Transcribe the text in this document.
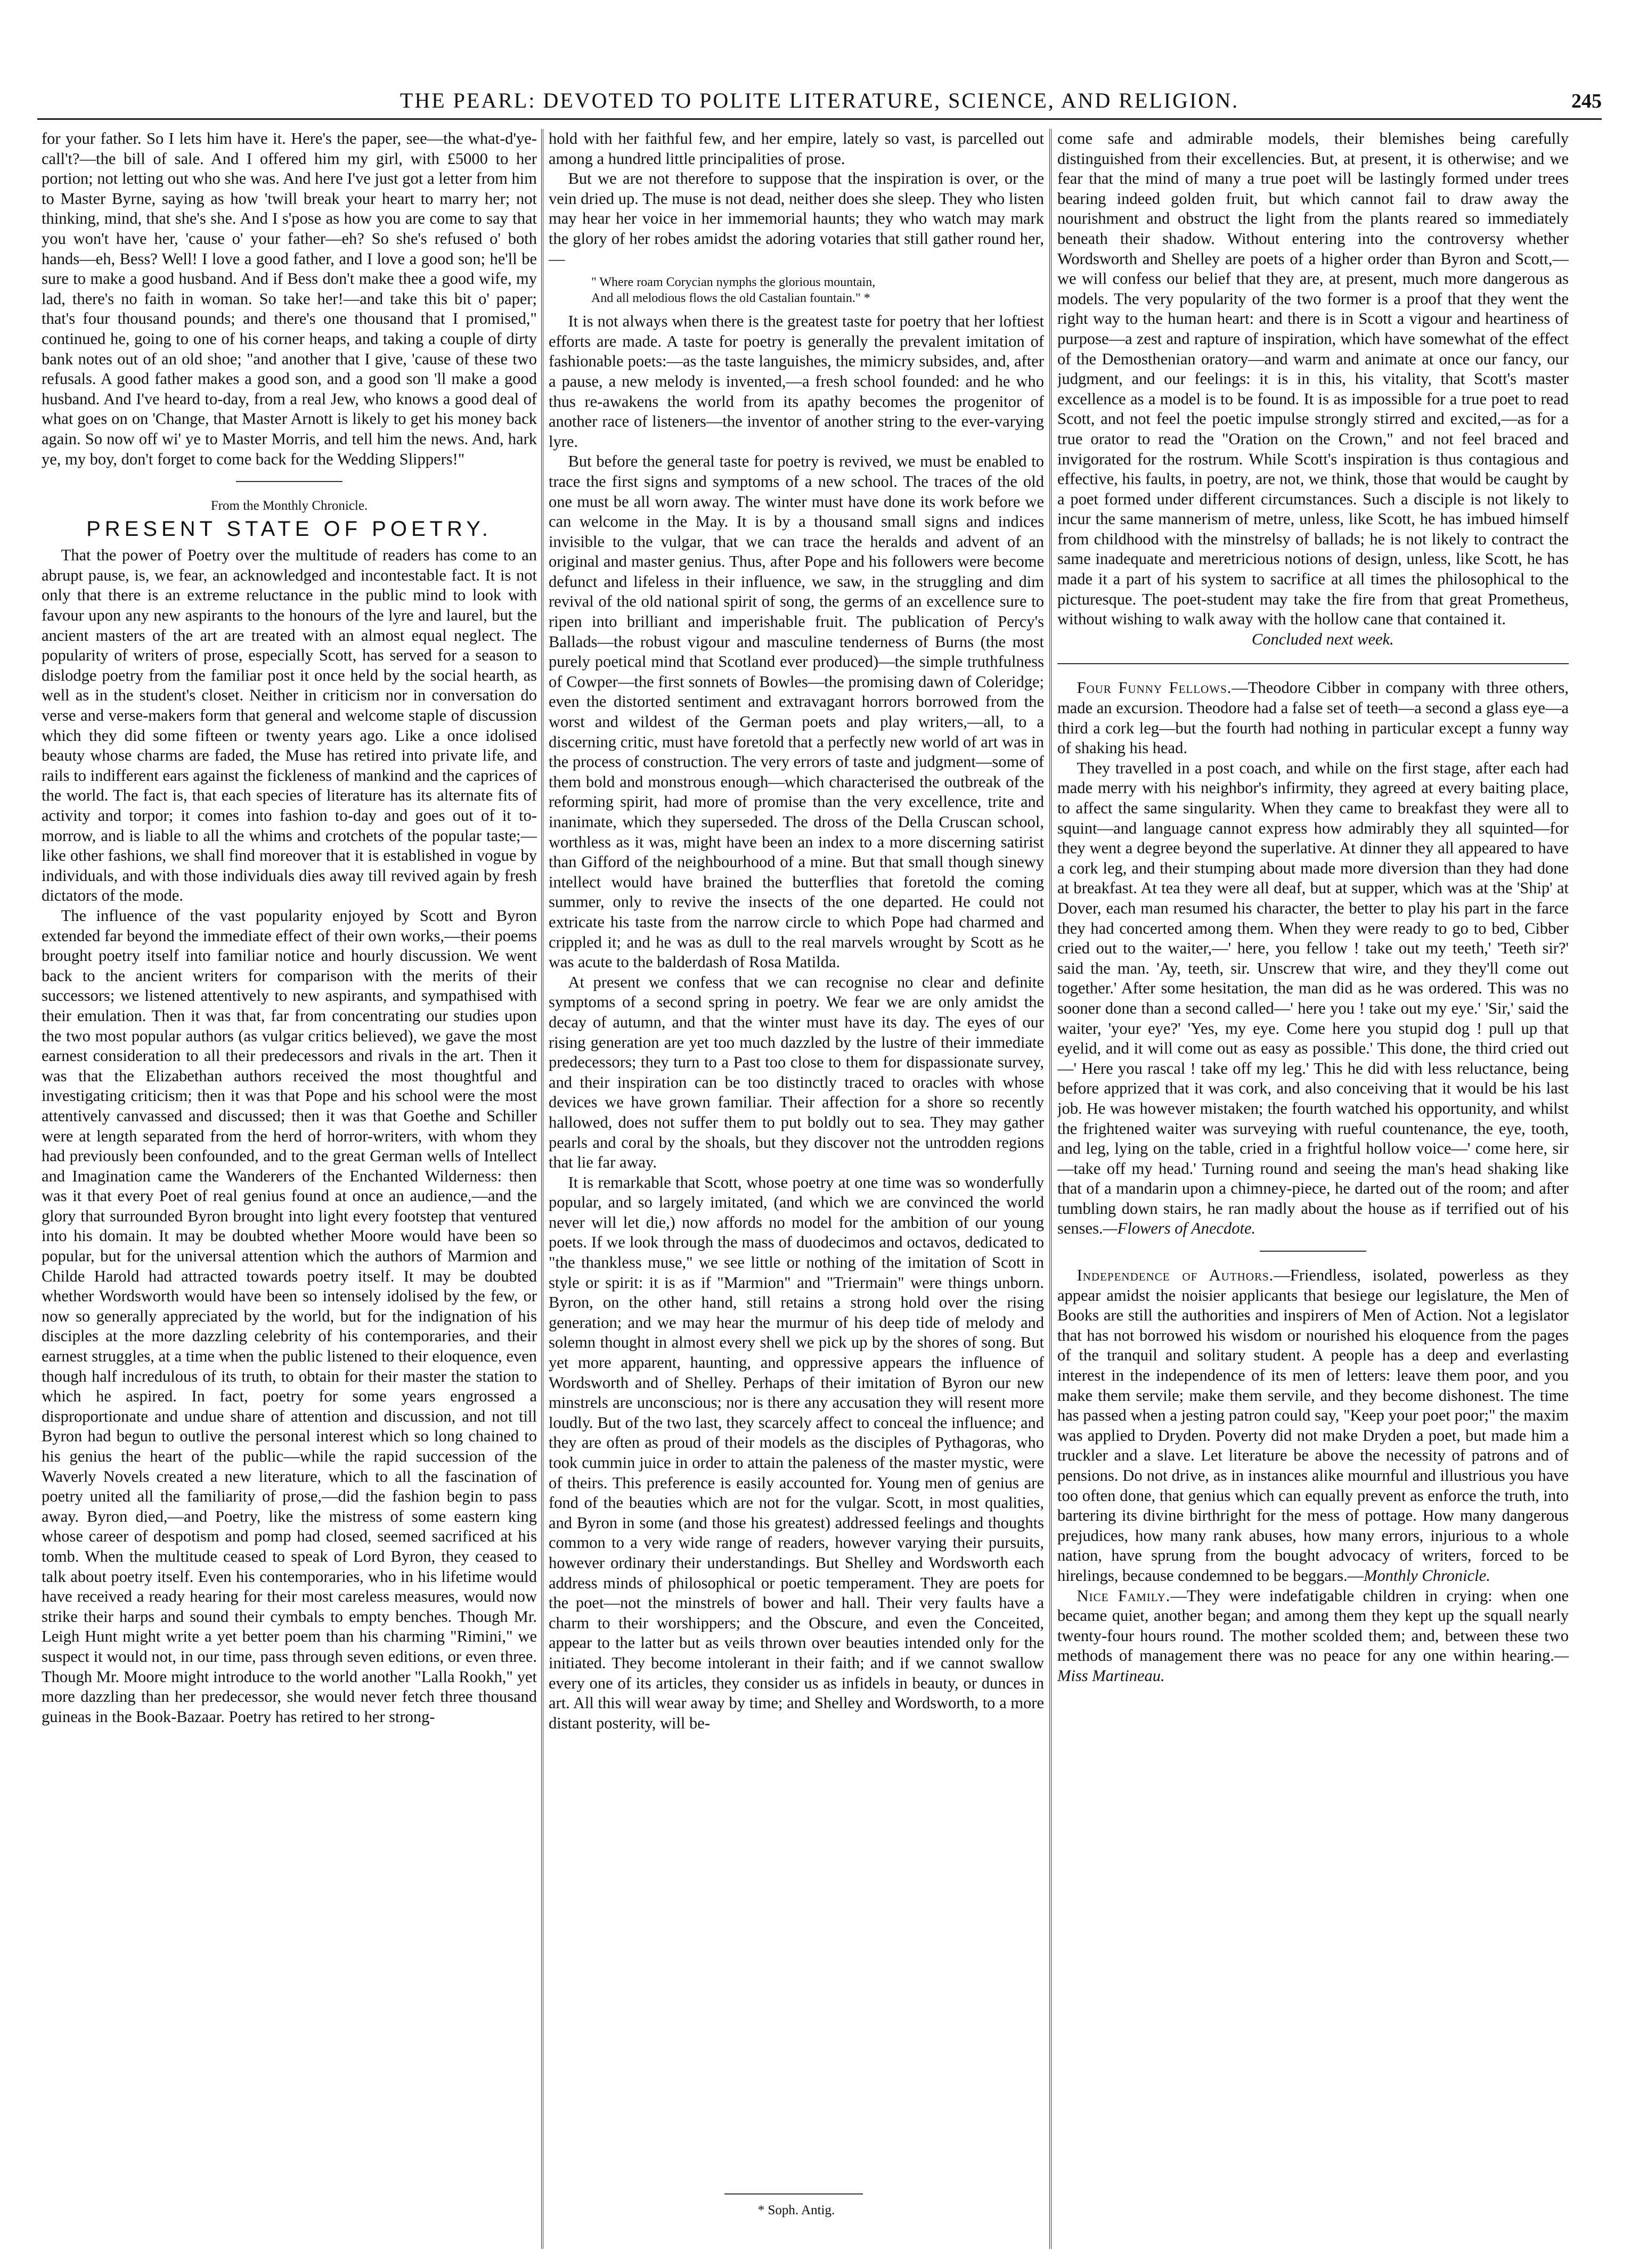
THE PEARL: DEVOTED TO POLITE LITERATURE, SCIENCE, AND RELIGION.	245

for your father. So I lets him have it. Here's the paper, see—the what-d'ye-call't?—the bill of sale. And I offered him my girl, with £5000 to her portion; not letting out who she was. And here I've just got a letter from him to Master Byrne, saying as how 'twill break your heart to marry her; not thinking, mind, that she's she. And I s'pose as how you are come to say that you won't have her, 'cause o' your father—eh? So she's refused o' both hands—eh, Bess? Well! I love a good father, and I love a good son; he'll be sure to make a good husband. And if Bess don't make thee a good wife, my lad, there's no faith in woman. So take her!—and take this bit o' paper; that's four thousand pounds; and there's one thousand that I promised," continued he, going to one of his corner heaps, and taking a couple of dirty bank notes out of an old shoe; "and another that I give, 'cause of these two refusals. A good father makes a good son, and a good son 'll make a good husband. And I've heard to-day, from a real Jew, who knows a good deal of what goes on on 'Change, that Master Arnott is likely to get his money back again. So now off wi' ye to Master Morris, and tell him the news. And, hark ye, my boy, don't forget to come back for the Wedding Slippers!"

From the Monthly Chronicle.
PRESENT STATE OF POETRY.

That the power of Poetry over the multitude of readers has come to an abrupt pause, is, we fear, an acknowledged and incontestable fact. It is not only that there is an extreme reluctance in the public mind to look with favour upon any new aspirants to the honours of the lyre and laurel, but the ancient masters of the art are treated with an almost equal neglect. The popularity of writers of prose, especially Scott, has served for a season to dislodge poetry from the familiar post it once held by the social hearth, as well as in the student's closet. Neither in criticism nor in conversation do verse and verse-makers form that general and welcome staple of discussion which they did some fifteen or twenty years ago. Like a once idolised beauty whose charms are faded, the Muse has retired into private life, and rails to indifferent ears against the fickleness of mankind and the caprices of the world. The fact is, that each species of literature has its alternate fits of activity and torpor; it comes into fashion to-day and goes out of it to-morrow, and is liable to all the whims and crotchets of the popular taste;—like other fashions, we shall find moreover that it is established in vogue by individuals, and with those individuals dies away till revived again by fresh dictators of the mode.

The influence of the vast popularity enjoyed by Scott and Byron extended far beyond the immediate effect of their own works,—their poems brought poetry itself into familiar notice and hourly discussion. We went back to the ancient writers for comparison with the merits of their successors; we listened attentively to new aspirants, and sympathised with their emulation. Then it was that, far from concentrating our studies upon the two most popular authors (as vulgar critics believed), we gave the most earnest consideration to all their predecessors and rivals in the art. Then it was that the Elizabethan authors received the most thoughtful and investigating criticism; then it was that Pope and his school were the most attentively canvassed and discussed; then it was that Goethe and Schiller were at length separated from the herd of horror-writers, with whom they had previously been confounded, and to the great German wells of Intellect and Imagination came the Wanderers of the Enchanted Wilderness: then was it that every Poet of real genius found at once an audience,—and the glory that surrounded Byron brought into light every footstep that ventured into his domain. It may be doubted whether Moore would have been so popular, but for the universal attention which the authors of Marmion and Childe Harold had attracted towards poetry itself. It may be doubted whether Wordsworth would have been so intensely idolised by the few, or now so generally appreciated by the world, but for the indignation of his disciples at the more dazzling celebrity of his contemporaries, and their earnest struggles, at a time when the public listened to their eloquence, even though half incredulous of its truth, to obtain for their master the station to which he aspired. In fact, poetry for some years engrossed a disproportionate and undue share of attention and discussion, and not till Byron had begun to outlive the personal interest which so long chained to his genius the heart of the public—while the rapid succession of the Waverly Novels created a new literature, which to all the fascination of poetry united all the familiarity of prose,—did the fashion begin to pass away. Byron died,—and Poetry, like the mistress of some eastern king whose career of despotism and pomp had closed, seemed sacrificed at his tomb. When the multitude ceased to speak of Lord Byron, they ceased to talk about poetry itself. Even his contemporaries, who in his lifetime would have received a ready hearing for their most careless measures, would now strike their harps and sound their cymbals to empty benches. Though Mr. Leigh Hunt might write a yet better poem than his charming "Rimini," we suspect it would not, in our time, pass through seven editions, or even three. Though Mr. Moore might introduce to the world another "Lalla Rookh," yet more dazzling than her predecessor, she would never fetch three thousand guineas in the Book-Bazaar. Poetry has retired to her strong-

hold with her faithful few, and her empire, lately so vast, is parcelled out among a hundred little principalities of prose.

But we are not therefore to suppose that the inspiration is over, or the vein dried up. The muse is not dead, neither does she sleep. They who listen may hear her voice in her immemorial haunts; they who watch may mark the glory of her robes amidst the adoring votaries that still gather round her,—

" Where roam Corycian nymphs the glorious mountain,
And all melodious flows the old Castalian fountain." *

It is not always when there is the greatest taste for poetry that her loftiest efforts are made. A taste for poetry is generally the prevalent imitation of fashionable poets:—as the taste languishes, the mimicry subsides, and, after a pause, a new melody is invented,—a fresh school founded: and he who thus re-awakens the world from its apathy becomes the progenitor of another race of listeners—the inventor of another string to the ever-varying lyre.

But before the general taste for poetry is revived, we must be enabled to trace the first signs and symptoms of a new school. The traces of the old one must be all worn away. The winter must have done its work before we can welcome in the May. It is by a thousand small signs and indices invisible to the vulgar, that we can trace the heralds and advent of an original and master genius. Thus, after Pope and his followers were become defunct and lifeless in their influence, we saw, in the struggling and dim revival of the old national spirit of song, the germs of an excellence sure to ripen into brilliant and imperishable fruit. The publication of Percy's Ballads—the robust vigour and masculine tenderness of Burns (the most purely poetical mind that Scotland ever produced)—the simple truthfulness of Cowper—the first sonnets of Bowles—the promising dawn of Coleridge; even the distorted sentiment and extravagant horrors borrowed from the worst and wildest of the German poets and play writers,—all, to a discerning critic, must have foretold that a perfectly new world of art was in the process of construction. The very errors of taste and judgment—some of them bold and monstrous enough—which characterised the outbreak of the reforming spirit, had more of promise than the very excellence, trite and inanimate, which they superseded. The dross of the Della Cruscan school, worthless as it was, might have been an index to a more discerning satirist than Gifford of the neighbourhood of a mine. But that small though sinewy intellect would have brained the butterflies that foretold the coming summer, only to revive the insects of the one departed. He could not extricate his taste from the narrow circle to which Pope had charmed and crippled it; and he was as dull to the real marvels wrought by Scott as he was acute to the balderdash of Rosa Matilda.

At present we confess that we can recognise no clear and definite symptoms of a second spring in poetry. We fear we are only amidst the decay of autumn, and that the winter must have its day. The eyes of our rising generation are yet too much dazzled by the lustre of their immediate predecessors; they turn to a Past too close to them for dispassionate survey, and their inspiration can be too distinctly traced to oracles with whose devices we have grown familiar. Their affection for a shore so recently hallowed, does not suffer them to put boldly out to sea. They may gather pearls and coral by the shoals, but they discover not the untrodden regions that lie far away.

It is remarkable that Scott, whose poetry at one time was so wonderfully popular, and so largely imitated, (and which we are convinced the world never will let die,) now affords no model for the ambition of our young poets. If we look through the mass of duodecimos and octavos, dedicated to "the thankless muse," we see little or nothing of the imitation of Scott in style or spirit: it is as if "Marmion" and "Triermain" were things unborn. Byron, on the other hand, still retains a strong hold over the rising generation; and we may hear the murmur of his deep tide of melody and solemn thought in almost every shell we pick up by the shores of song. But yet more apparent, haunting, and oppressive appears the influence of Wordsworth and of Shelley. Perhaps of their imitation of Byron our new minstrels are unconscious; nor is there any accusation they will resent more loudly. But of the two last, they scarcely affect to conceal the influence; and they are often as proud of their models as the disciples of Pythagoras, who took cummin juice in order to attain the paleness of the master mystic, were of theirs. This preference is easily accounted for. Young men of genius are fond of the beauties which are not for the vulgar. Scott, in most qualities, and Byron in some (and those his greatest) addressed feelings and thoughts common to a very wide range of readers, however varying their pursuits, however ordinary their understandings. But Shelley and Wordsworth each address minds of philosophical or poetic temperament. They are poets for the poet—not the minstrels of bower and hall. Their very faults have a charm to their worshippers; and the Obscure, and even the Conceited, appear to the latter but as veils thrown over beauties intended only for the initiated. They become intolerant in their faith; and if we cannot swallow every one of its articles, they consider us as infidels in beauty, or dunces in art. All this will wear away by time; and Shelley and Wordsworth, to a more distant posterity, will be-

* Soph. Antig.

come safe and admirable models, their blemishes being carefully distinguished from their excellencies. But, at present, it is otherwise; and we fear that the mind of many a true poet will be lastingly formed under trees bearing indeed golden fruit, but which cannot fail to draw away the nourishment and obstruct the light from the plants reared so immediately beneath their shadow. Without entering into the controversy whether Wordsworth and Shelley are poets of a higher order than Byron and Scott,—we will confess our belief that they are, at present, much more dangerous as models. The very popularity of the two former is a proof that they went the right way to the human heart: and there is in Scott a vigour and heartiness of purpose—a zest and rapture of inspiration, which have somewhat of the effect of the Demosthenian oratory—and warm and animate at once our fancy, our judgment, and our feelings: it is in this, his vitality, that Scott's master excellence as a model is to be found. It is as impossible for a true poet to read Scott, and not feel the poetic impulse strongly stirred and excited,—as for a true orator to read the "Oration on the Crown," and not feel braced and invigorated for the rostrum. While Scott's inspiration is thus contagious and effective, his faults, in poetry, are not, we think, those that would be caught by a poet formed under different circumstances. Such a disciple is not likely to incur the same mannerism of metre, unless, like Scott, he has imbued himself from childhood with the minstrelsy of ballads; he is not likely to contract the same inadequate and meretricious notions of design, unless, like Scott, he has made it a part of his system to sacrifice at all times the philosophical to the picturesque. The poet-student may take the fire from that great Prometheus, without wishing to walk away with the hollow cane that contained it.

Concluded next week.

Four Funny Fellows.—Theodore Cibber in company with three others, made an excursion. Theodore had a false set of teeth—a second a glass eye—a third a cork leg—but the fourth had nothing in particular except a funny way of shaking his head.

They travelled in a post coach, and while on the first stage, after each had made merry with his neighbor's infirmity, they agreed at every baiting place, to affect the same singularity. When they came to breakfast they were all to squint—and language cannot express how admirably they all squinted—for they went a degree beyond the superlative. At dinner they all appeared to have a cork leg, and their stumping about made more diversion than they had done at breakfast. At tea they were all deaf, but at supper, which was at the 'Ship' at Dover, each man resumed his character, the better to play his part in the farce they had concerted among them. When they were ready to go to bed, Cibber cried out to the waiter,—' here, you fellow ! take out my teeth,' 'Teeth sir?' said the man. 'Ay, teeth, sir. Unscrew that wire, and they they'll come out together.' After some hesitation, the man did as he was ordered. This was no sooner done than a second called—' here you ! take out my eye.' 'Sir,' said the waiter, 'your eye?' 'Yes, my eye. Come here you stupid dog ! pull up that eyelid, and it will come out as easy as possible.' This done, the third cried out—' Here you rascal ! take off my leg.' This he did with less reluctance, being before apprized that it was cork, and also conceiving that it would be his last job. He was however mistaken; the fourth watched his opportunity, and whilst the frightened waiter was surveying with rueful countenance, the eye, tooth, and leg, lying on the table, cried in a frightful hollow voice—' come here, sir—take off my head.' Turning round and seeing the man's head shaking like that of a mandarin upon a chimney-piece, he darted out of the room; and after tumbling down stairs, he ran madly about the house as if terrified out of his senses.—Flowers of Anecdote.

Independence of Authors.—Friendless, isolated, powerless as they appear amidst the noisier applicants that besiege our legislature, the Men of Books are still the authorities and inspirers of Men of Action. Not a legislator that has not borrowed his wisdom or nourished his eloquence from the pages of the tranquil and solitary student. A people has a deep and everlasting interest in the independence of its men of letters: leave them poor, and you make them servile; make them servile, and they become dishonest. The time has passed when a jesting patron could say, "Keep your poet poor;" the maxim was applied to Dryden. Poverty did not make Dryden a poet, but made him a truckler and a slave. Let literature be above the necessity of patrons and of pensions. Do not drive, as in instances alike mournful and illustrious you have too often done, that genius which can equally prevent as enforce the truth, into bartering its divine birthright for the mess of pottage. How many dangerous prejudices, how many rank abuses, how many errors, injurious to a whole nation, have sprung from the bought advocacy of writers, forced to be hirelings, because condemned to be beggars.—Monthly Chronicle.

Nice Family.—They were indefatigable children in crying: when one became quiet, another began; and among them they kept up the squall nearly twenty-four hours round. The mother scolded them; and, between these two methods of management there was no peace for any one within hearing.—Miss Martineau.
